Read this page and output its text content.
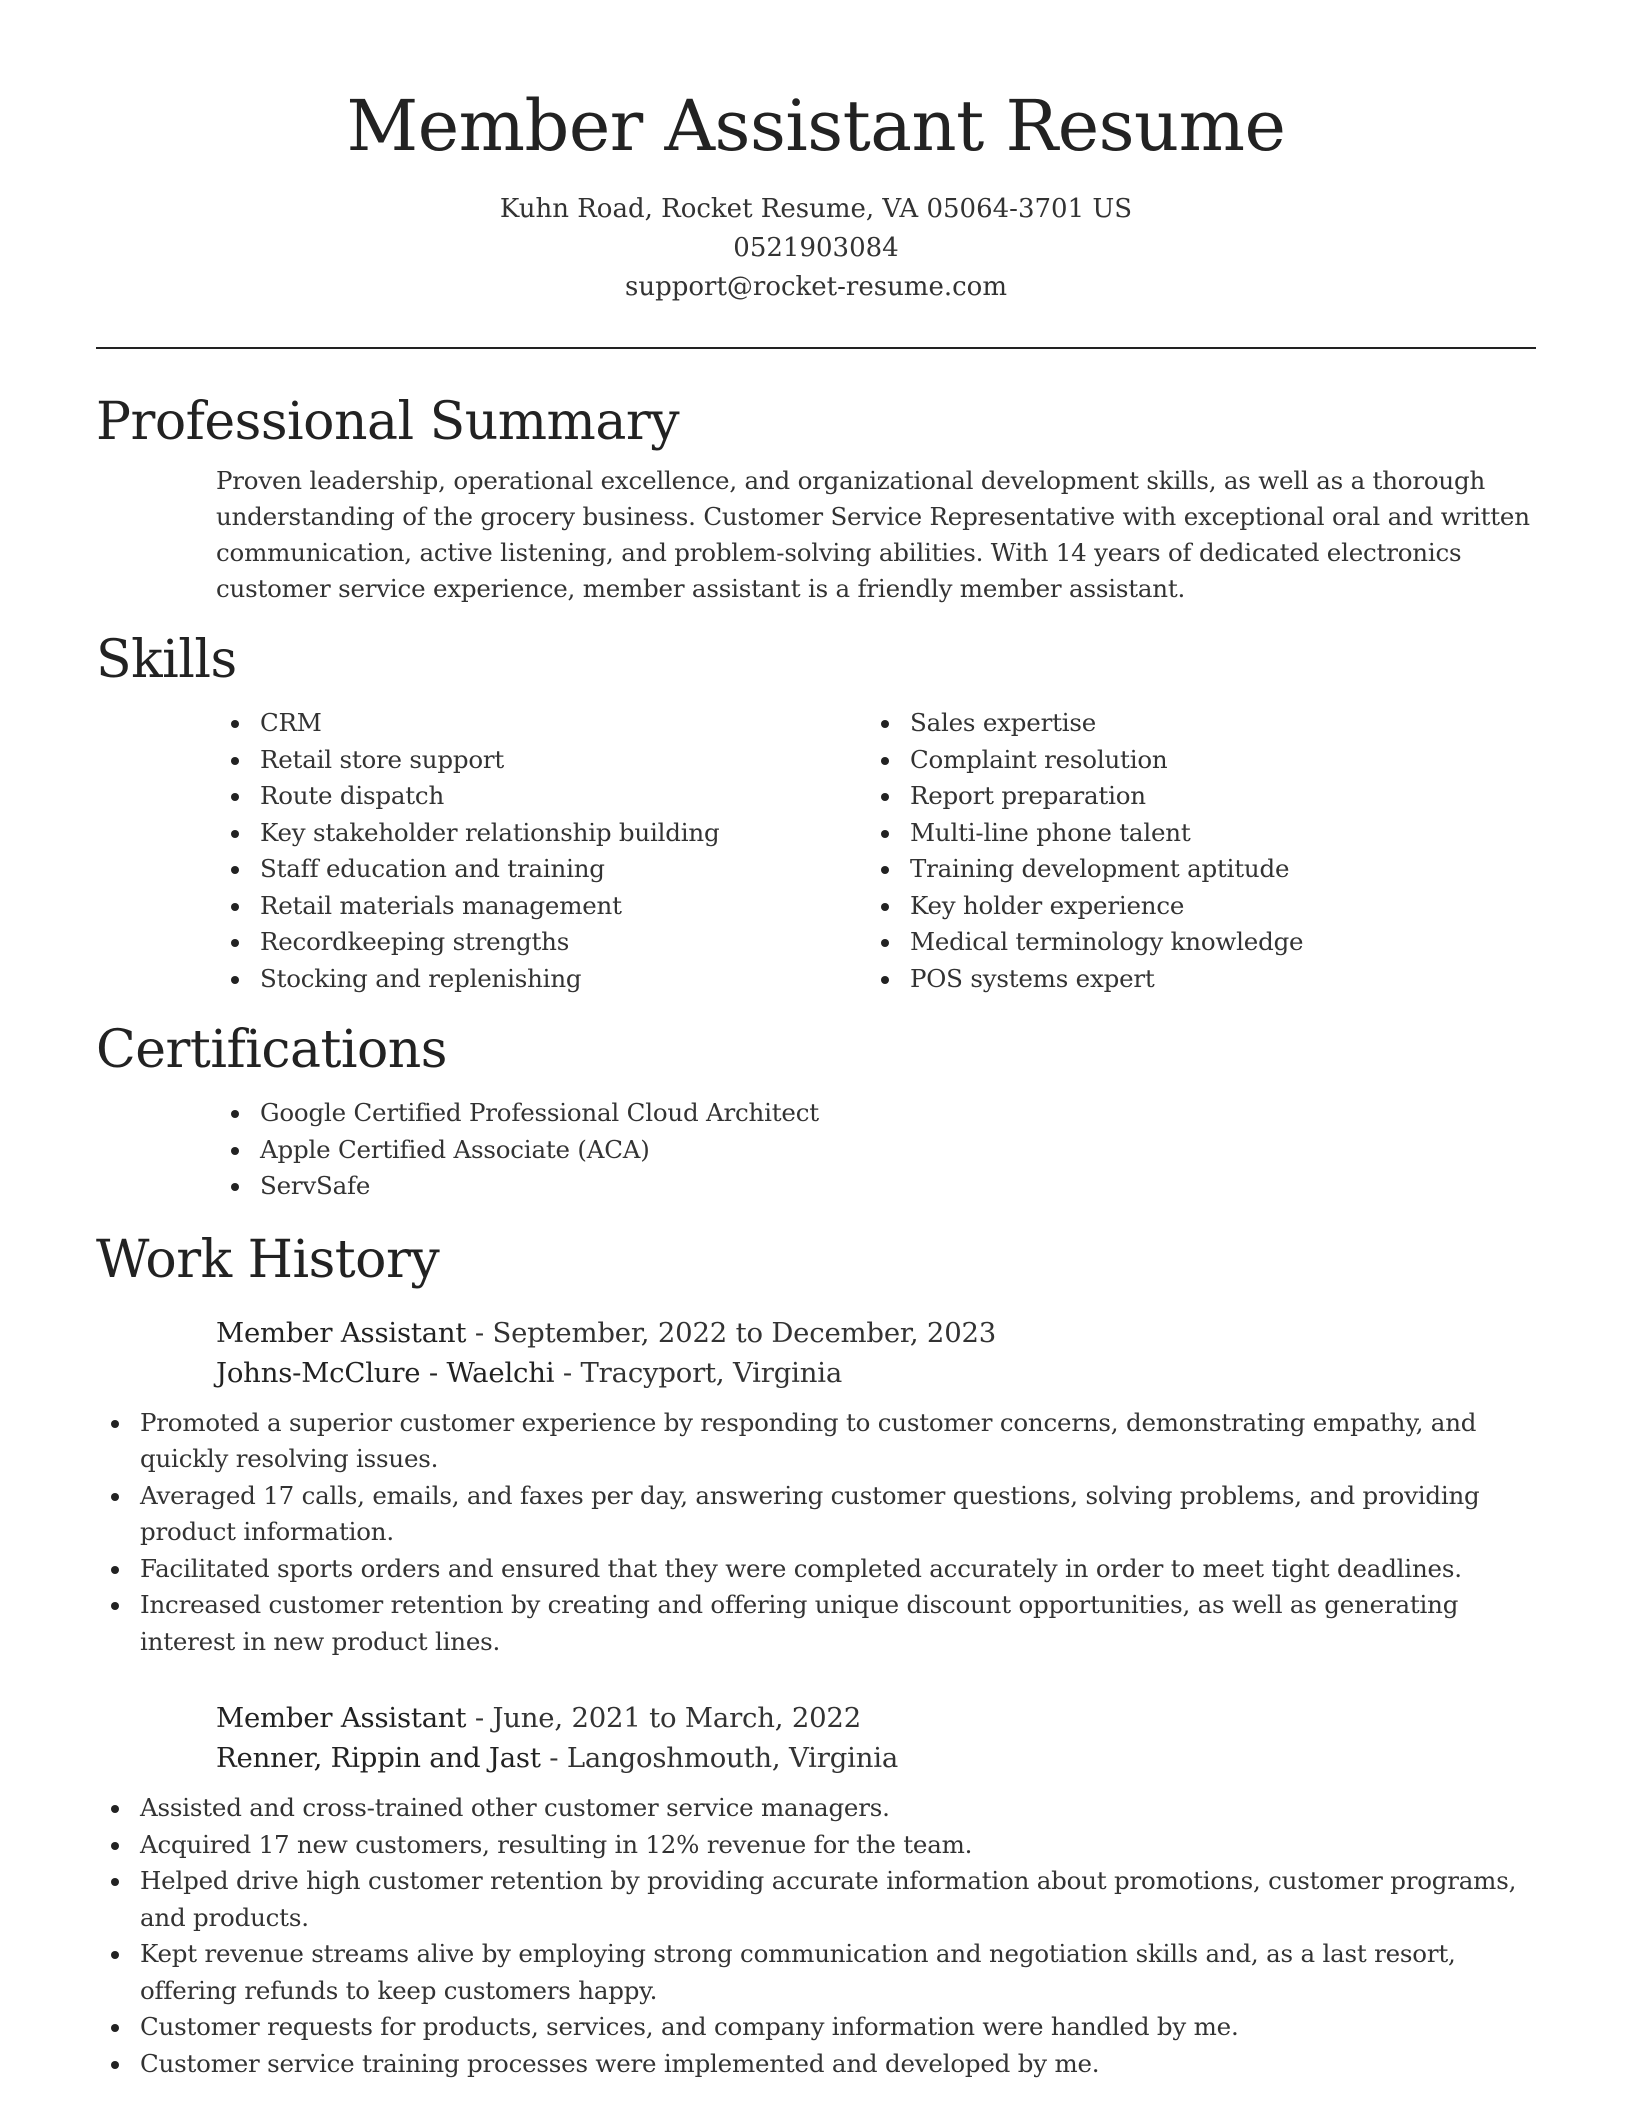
Member Assistant Resume
Kuhn Road, Rocket Resume, VA 05064-3701 US
0521903084
support@rocket-resume.com
Professional Summary

Proven leadership, operational excellence, and organizational development skills, as well as a thorough understanding of the grocery business. Customer Service Representative with exceptional oral and written communication, active listening, and problem-solving abilities. With 14 years of dedicated electronics customer service experience, member assistant is a friendly member assistant.

Skills
CRM
Retail store support
Route dispatch
Key stakeholder relationship building
Staff education and training
Retail materials management
Recordkeeping strengths
Stocking and replenishing
Sales expertise
Complaint resolution
Report preparation
Multi-line phone talent
Training development aptitude
Key holder experience
Medical terminology knowledge
POS systems expert
Certifications
Google Certified Professional Cloud Architect
Apple Certified Associate (ACA)
ServSafe
Work History
Member Assistant - September, 2022 to December, 2023
Johns-McClure - Waelchi - Tracyport, Virginia
Promoted a superior customer experience by responding to customer concerns, demonstrating empathy, and quickly resolving issues.
Averaged 17 calls, emails, and faxes per day, answering customer questions, solving problems, and providing product information.
Facilitated sports orders and ensured that they were completed accurately in order to meet tight deadlines.
Increased customer retention by creating and offering unique discount opportunities, as well as generating interest in new product lines.
Member Assistant - June, 2021 to March, 2022
Renner, Rippin and Jast - Langoshmouth, Virginia
Assisted and cross-trained other customer service managers.
Acquired 17 new customers, resulting in 12% revenue for the team.
Helped drive high customer retention by providing accurate information about promotions, customer programs, and products.
Kept revenue streams alive by employing strong communication and negotiation skills and, as a last resort, offering refunds to keep customers happy.
Customer requests for products, services, and company information were handled by me.
Customer service training processes were implemented and developed by me.
